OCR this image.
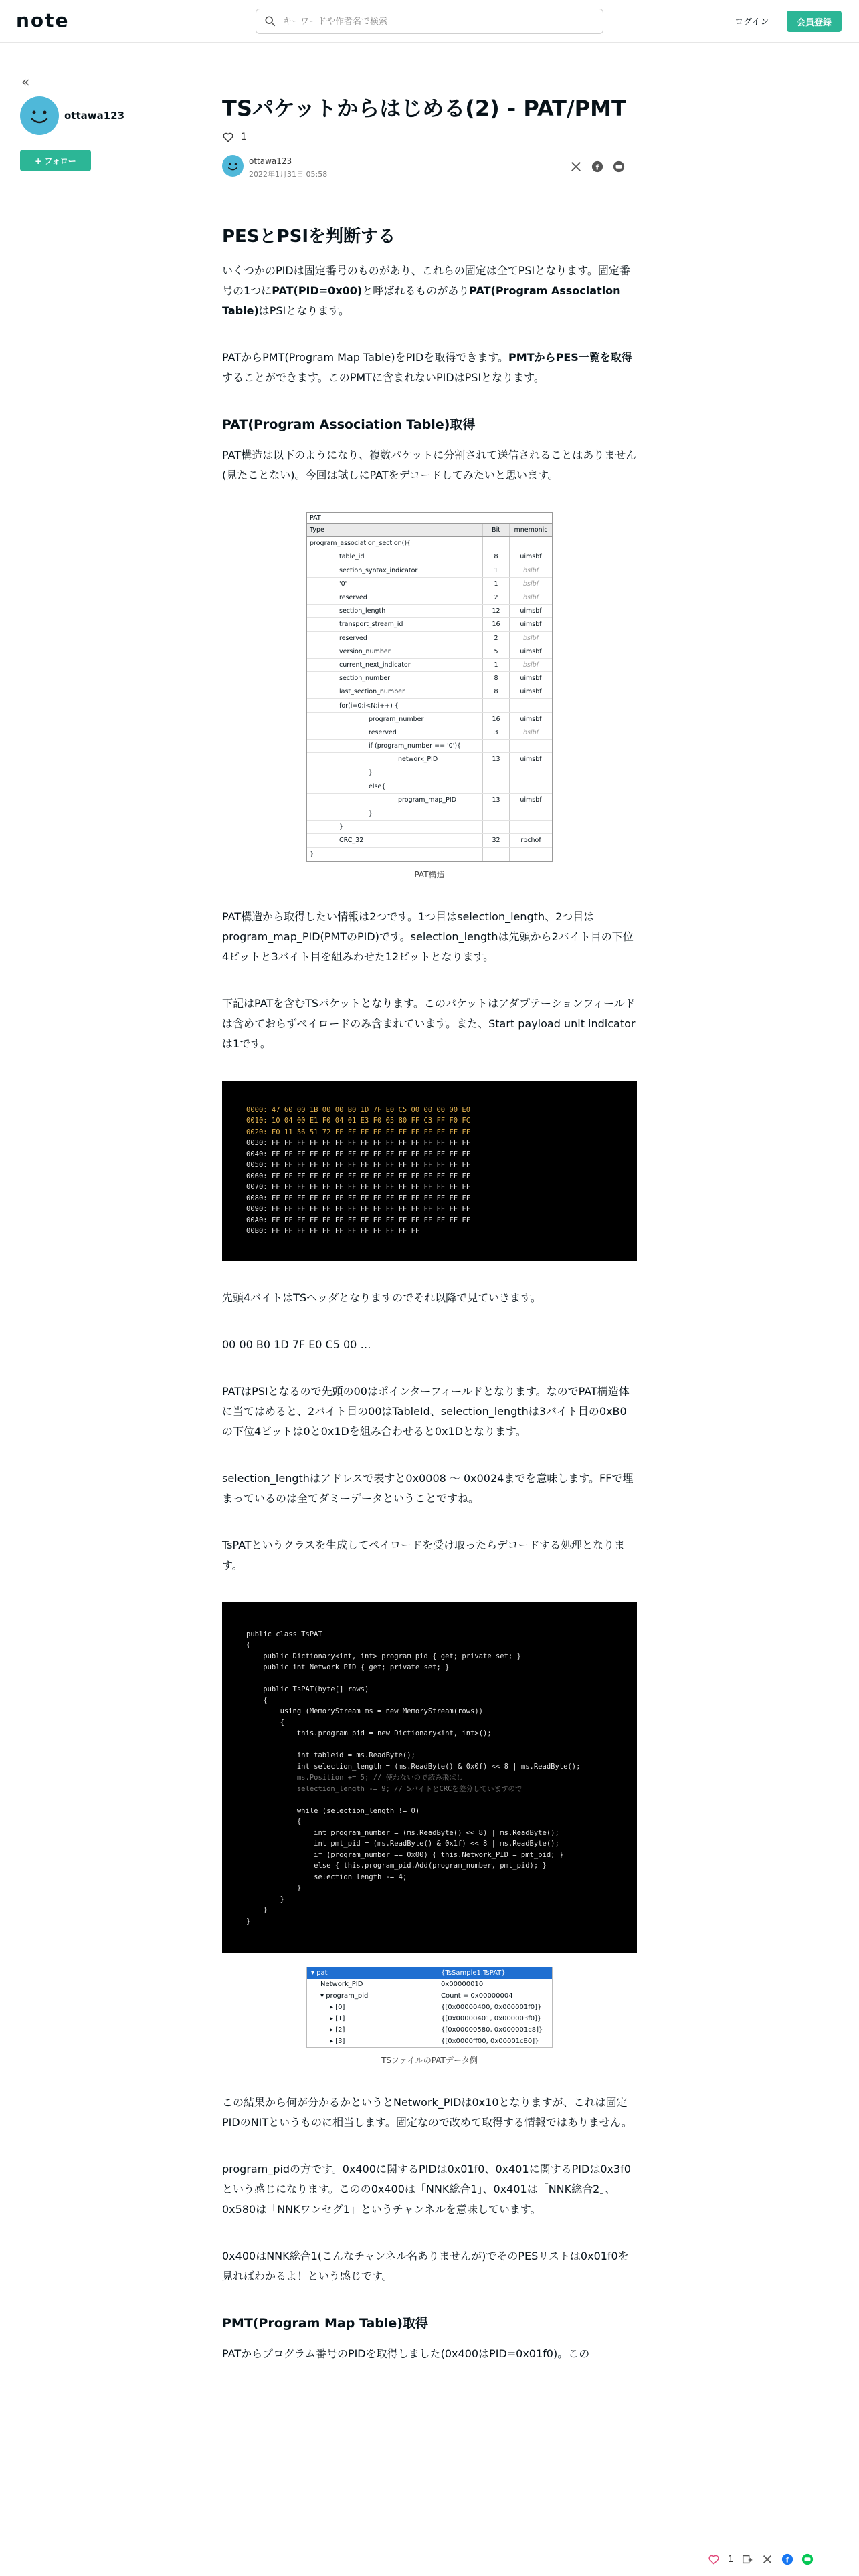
note
キーワードや作者名で検索	ログイン	会員登録
«
ottawa123
+ フォロー
TSパケットからはじめる(2) - PAT/PMT
1
ottawa123
2022年1月31日 05:58
f
PESとPSIを判断する

いくつかのPIDは固定番号のものがあり、これらの固定は全てPSIとなります。固定番号の1つにPAT(PID=0x00)と呼ばれるものがありPAT(Program Association Table)はPSIとなります。

PATからPMT(Program Map Table)をPIDを取得できます。PMTからPES一覧を取得することができます。このPMTに含まれないPIDはPSIとなります。

PAT(Program Association Table)取得

PAT構造は以下のようになり、複数パケットに分割されて送信されることはありません(見たことない)。今回は試しにPATをデコードしてみたいと思います。

PAT
Type	Bit	mnemonic
program_association_section(){
table_id	8	uimsbf
section_syntax_indicator	1	bslbf
'0'	1	bslbf
reserved	2	bslbf
section_length	12	uimsbf
transport_stream_id	16	uimsbf
reserved	2	bslbf
version_number	5	uimsbf
current_next_indicator	1	bslbf
section_number	8	uimsbf
last_section_number	8	uimsbf
for(i=0;i<N;i++) {
program_number	16	uimsbf
reserved	3	bslbf
if (program_number == '0'){
network_PID	13	uimsbf
}
else{
program_map_PID	13	uimsbf
}
}
CRC_32	32	rpchof
}
PAT構造

PAT構造から取得したい情報は2つです。1つ目はselection_length、2つ目はprogram_map_PID(PMTのPID)です。selection_lengthは先頭から2バイト目の下位4ビットと3バイト目を組みわせた12ビットとなります。

下記はPATを含むTSパケットとなります。このパケットはアダプテーションフィールドは含めておらずペイロードのみ含まれています。また、Start payload unit indicatorは1です。

0000: 47 60 00 1B 00 00 B0 1D 7F E0 C5 00 00 00 00 E0
0010: 10 04 00 E1 F0 04 01 E3 F0 05 80 FF C3 FF F0 FC
0020: F0 11 56 51 72 FF FF FF FF FF FF FF FF FF FF FF
0030: FF FF FF FF FF FF FF FF FF FF FF FF FF FF FF FF
0040: FF FF FF FF FF FF FF FF FF FF FF FF FF FF FF FF
0050: FF FF FF FF FF FF FF FF FF FF FF FF FF FF FF FF
0060: FF FF FF FF FF FF FF FF FF FF FF FF FF FF FF FF
0070: FF FF FF FF FF FF FF FF FF FF FF FF FF FF FF FF
0080: FF FF FF FF FF FF FF FF FF FF FF FF FF FF FF FF
0090: FF FF FF FF FF FF FF FF FF FF FF FF FF FF FF FF
00A0: FF FF FF FF FF FF FF FF FF FF FF FF FF FF FF FF
00B0: FF FF FF FF FF FF FF FF FF FF FF FF

先頭4バイトはTSヘッダとなりますのでそれ以降で見ていきます。

00 00 B0 1D 7F E0 C5 00 …

PATはPSIとなるので先頭の00はポインターフィールドとなります。なのでPAT構造体に当てはめると、2バイト目の00はTableId、selection_lengthは3バイト目の0xB0の下位4ビットは0と0x1Dを組み合わせると0x1Dとなります。

selection_lengthはアドレスで表すと0x0008 〜 0x0024までを意味します。FFで埋まっているのは全てダミーデータということですね。

TsPATというクラスを生成してペイロードを受け取ったらデコードする処理となります。

public class TsPAT
{
public Dictionary<int, int> program_pid { get; private set; }
public int Network_PID { get; private set; }
public TsPAT(byte[] rows)
{
using (MemoryStream ms = new MemoryStream(rows))
{
this.program_pid = new Dictionary<int, int>();
int tableid = ms.ReadByte();
int selection_length = (ms.ReadByte() & 0x0f) << 8 | ms.ReadByte();
ms.Position += 5; // 使わないので読み飛ばし
selection_length -= 9; // 5バイトとCRCを差分していますので
while (selection_length != 0)
{
int program_number = (ms.ReadByte() << 8) | ms.ReadByte();
int pmt_pid = (ms.ReadByte() & 0x1f) << 8 | ms.ReadByte();
if (program_number == 0x00) { this.Network_PID = pmt_pid; }
else { this.program_pid.Add(program_number, pmt_pid); }
selection_length -= 4;
}
}
}
}
▾ pat	{TsSample1.TsPAT}
Network_PID	0x00000010
▾ program_pid	Count = 0x00000004
▸ [0]	{[0x00000400, 0x000001f0]}
▸ [1]	{[0x00000401, 0x000003f0]}
▸ [2]	{[0x00000580, 0x000001c8]}
▸ [3]	{[0x0000ff00, 0x00001c80]}
TSファイルのPATデータ例

この結果から何が分かるかというとNetwork_PIDは0x10となりますが、これは固定PIDのNITというものに相当します。固定なので改めて取得する情報ではありません。

program_pidの方です。0x400に関するPIDは0x01f0、0x401に関するPIDは0x3f0という感じになります。このの0x400は「NNK総合1」、0x401は「NNK総合2」、0x580は「NNKワンセグ1」というチャンネルを意味しています。

0x400はNNK総合1(こんなチャンネル名ありませんが)でそのPESリストは0x01f0を見ればわかるよ！という感じです。

PMT(Program Map Table)取得

PATからプログラム番号のPIDを取得しました(0x400はPID=0x01f0)。この

1	f
